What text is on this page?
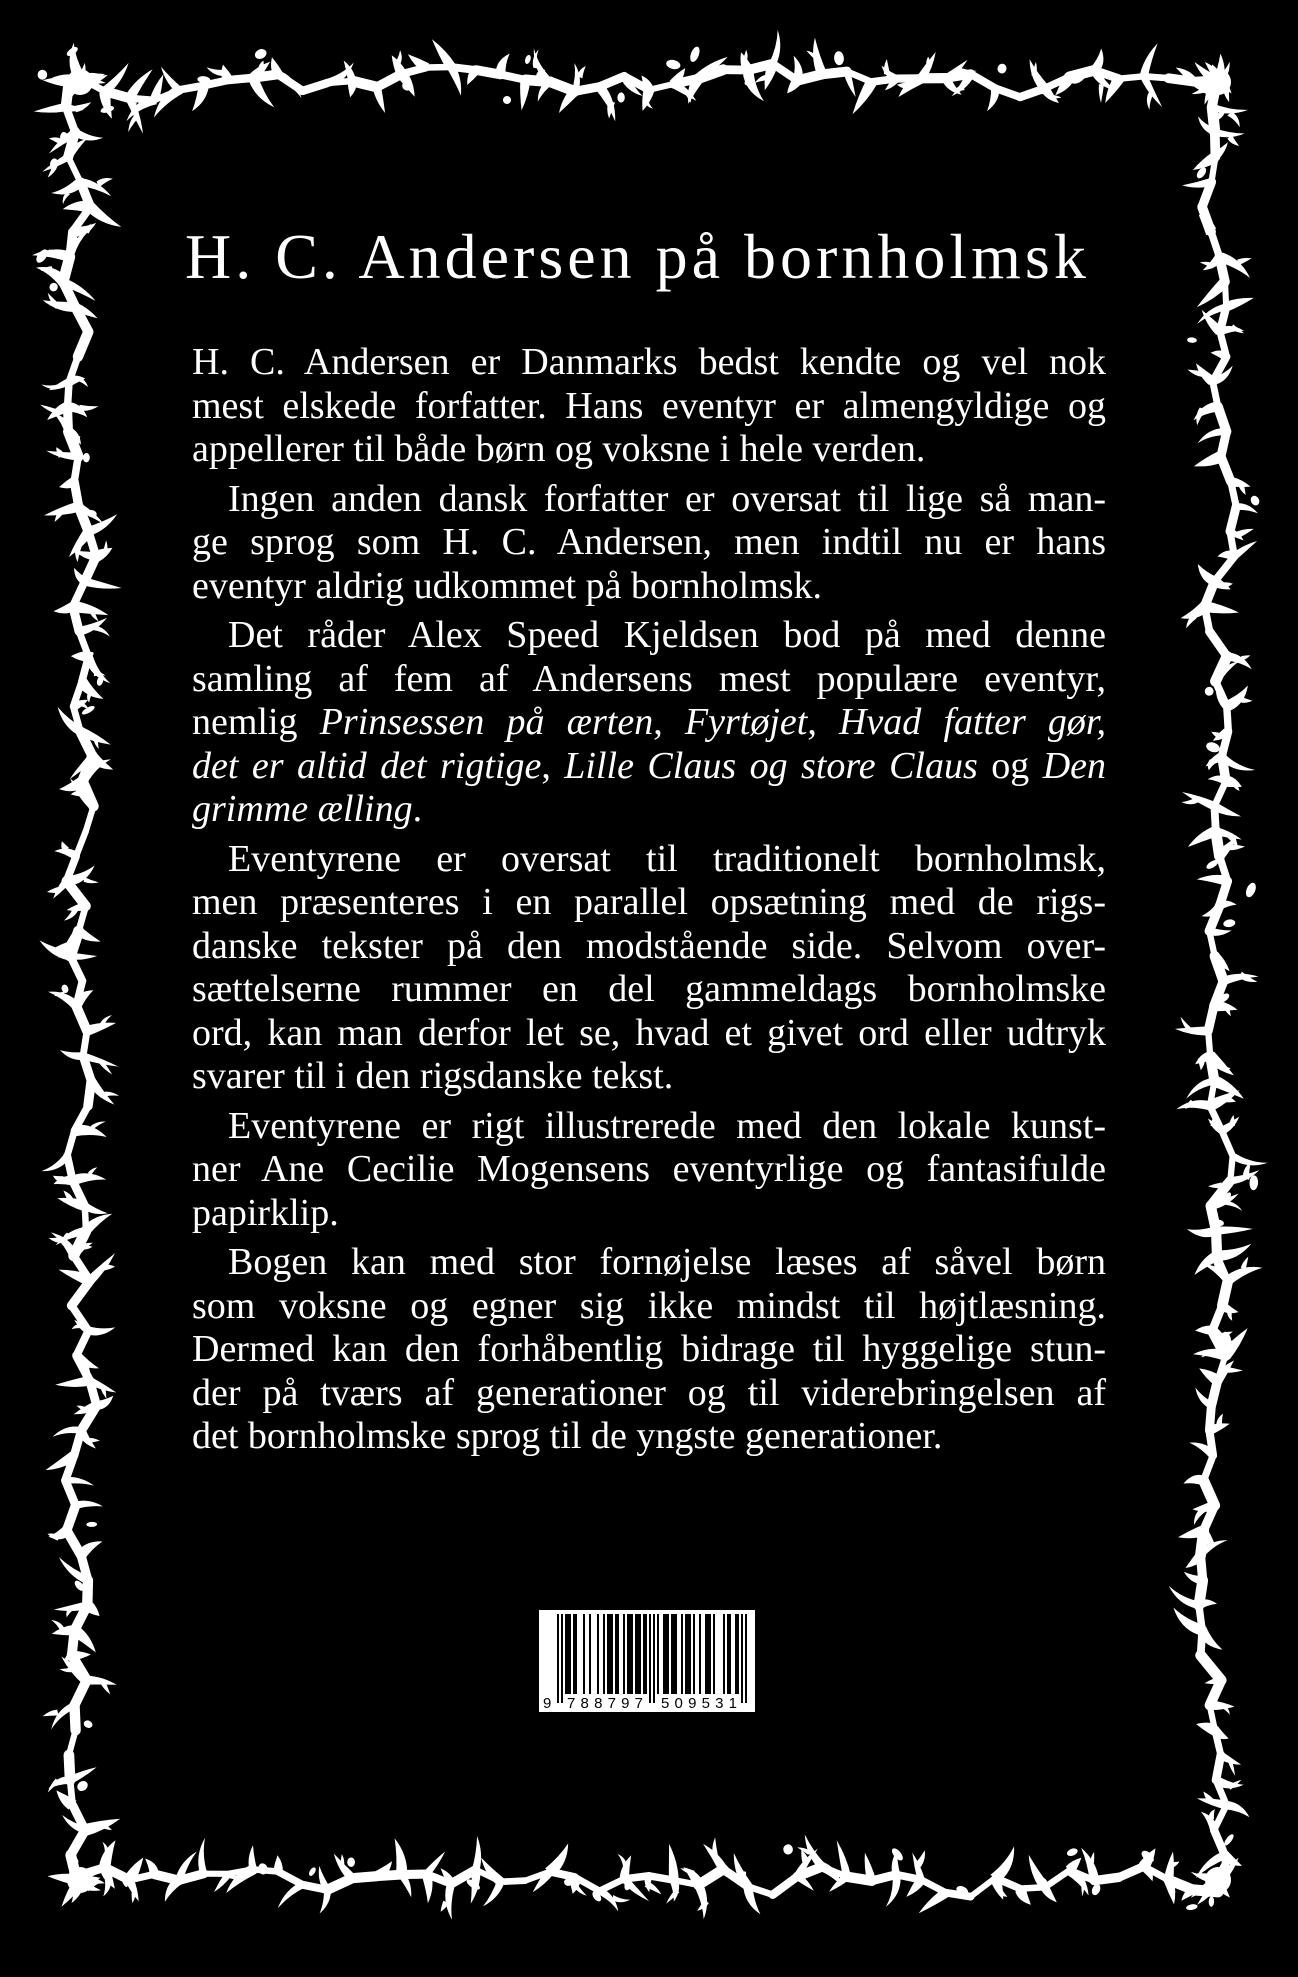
H. C. Andersen på bornholmsk
H. C. Andersen er Danmarks bedst kendte og vel nok
mest elskede forfatter. Hans eventyr er almengyldige og
appellerer til både børn og voksne i hele verden.
Ingen anden dansk forfatter er oversat til lige så man-
ge sprog som H. C. Andersen, men indtil nu er hans
eventyr aldrig udkommet på bornholmsk.
Det råder Alex Speed Kjeldsen bod på med denne
samling af fem af Andersens mest populære eventyr,
nemlig Prinsessen på ærten, Fyrtøjet, Hvad fatter gør,
det er altid det rigtige, Lille Claus og store Claus og Den
grimme ælling.
Eventyrene er oversat til traditionelt bornholmsk,
men præsenteres i en parallel opsætning med de rigs-
danske tekster på den modstående side. Selvom over-
sættelserne rummer en del gammeldags bornholmske
ord, kan man derfor let se, hvad et givet ord eller udtryk
svarer til i den rigsdanske tekst.
Eventyrene er rigt illustrerede med den lokale kunst-
ner Ane Cecilie Mogensens eventyrlige og fantasifulde
papirklip.
Bogen kan med stor fornøjelse læses af såvel børn
som voksne og egner sig ikke mindst til højtlæsning.
Dermed kan den forhåbentlig bidrage til hyggelige stun-
der på tværs af generationer og til viderebringelsen af
det bornholmske sprog til de yngste generationer.
9 788797 509531
